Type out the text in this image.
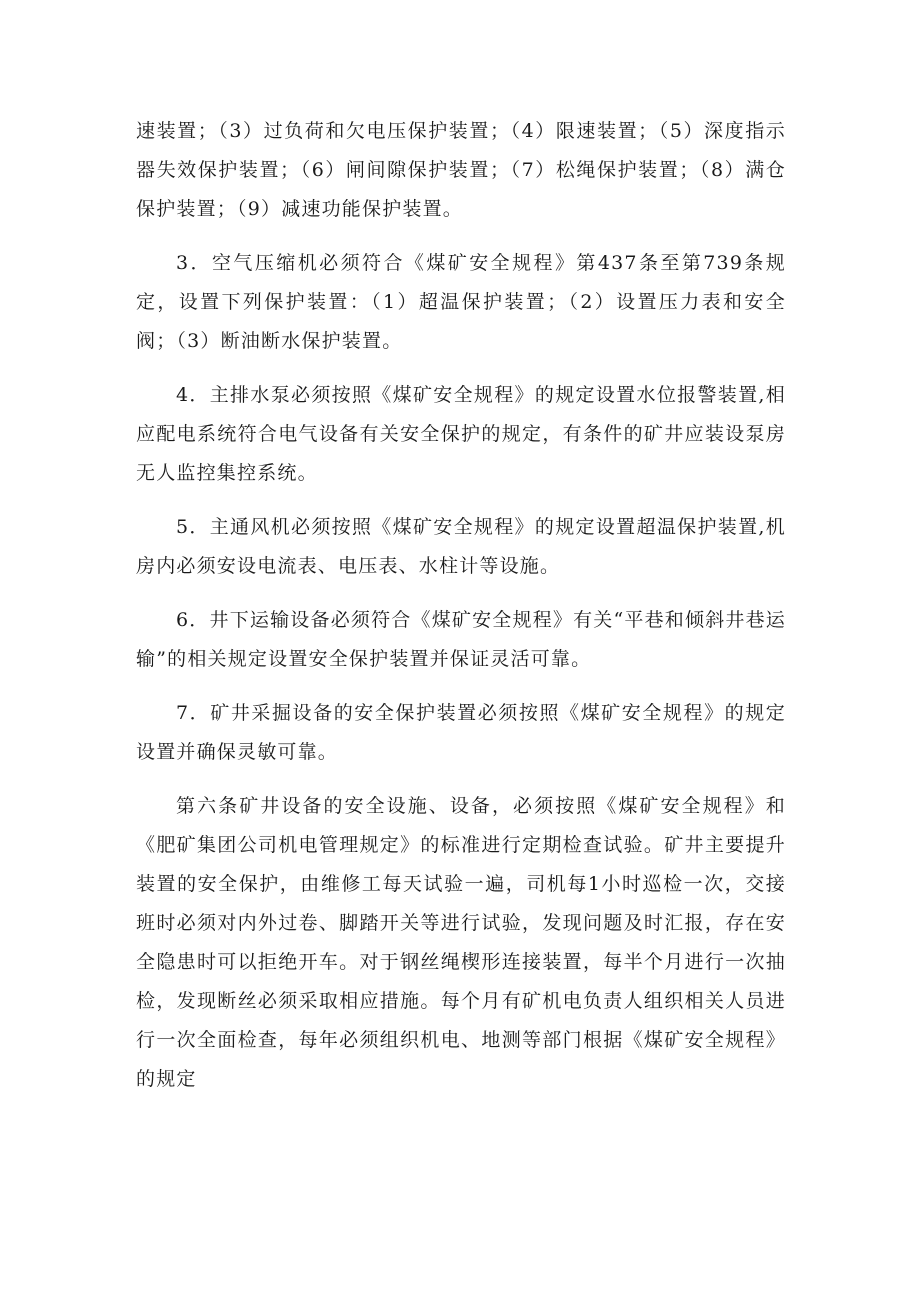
速装置；（3）过负荷和欠电压保护装置；（4）限速装置；（5）深度指示器失效保护装置；（6）闸间隙保护装置；（7）松绳保护装置；（8）满仓保护装置；（9）减速功能保护装置。

3．空气压缩机必须符合《煤矿安全规程》第437条至第739条规定，设置下列保护装置：（1）超温保护装置；（2）设置压力表和安全阀；（3）断油断水保护装置。

4．主排水泵必须按照《煤矿安全规程》的规定设置水位报警装置,相应配电系统符合电气设备有关安全保护的规定，有条件的矿井应装设泵房无人监控集控系统。

5．主通风机必须按照《煤矿安全规程》的规定设置超温保护装置,机房内必须安设电流表、电压表、水柱计等设施。

6．井下运输设备必须符合《煤矿安全规程》有关“平巷和倾斜井巷运输”的相关规定设置安全保护装置并保证灵活可靠。

7．矿井采掘设备的安全保护装置必须按照《煤矿安全规程》的规定设置并确保灵敏可靠。

第六条矿井设备的安全设施、设备，必须按照《煤矿安全规程》和《肥矿集团公司机电管理规定》的标准进行定期检查试验。矿井主要提升装置的安全保护，由维修工每天试验一遍，司机每1小时巡检一次，交接班时必须对内外过卷、脚踏开关等进行试验，发现问题及时汇报，存在安全隐患时可以拒绝开车。对于钢丝绳楔形连接装置，每半个月进行一次抽检，发现断丝必须采取相应措施。每个月有矿机电负责人组织相关人员进行一次全面检查，每年必须组织机电、地测等部门根据《煤矿安全规程》的规定
